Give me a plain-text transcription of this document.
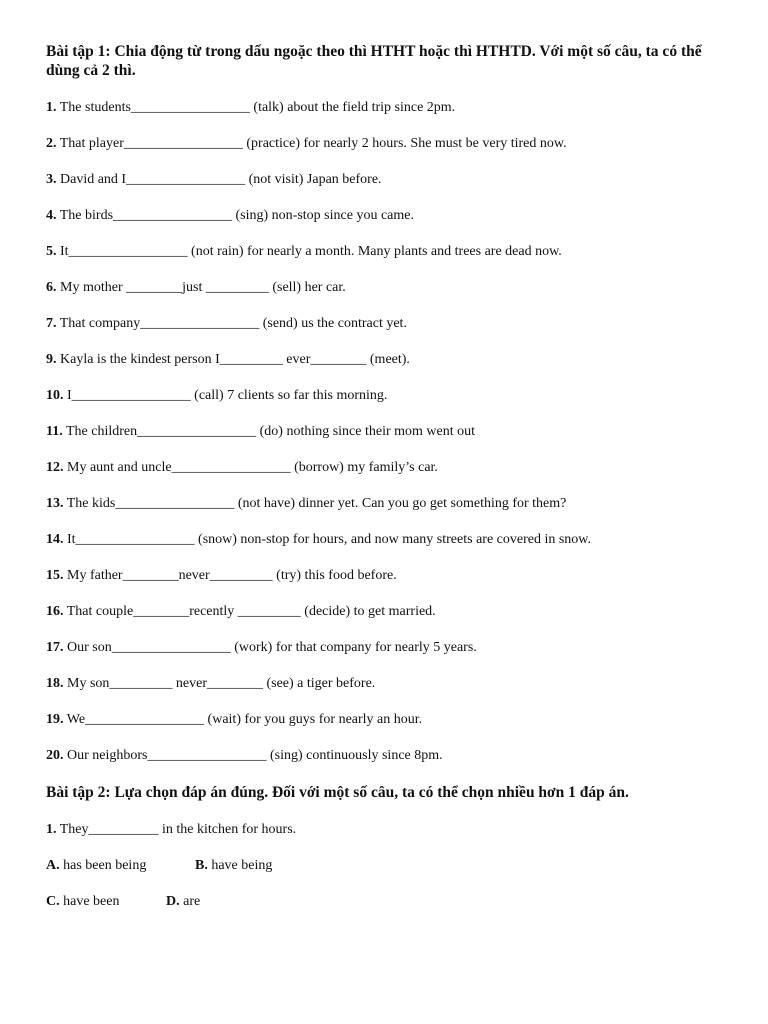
Bài tập 1: Chia động từ trong dấu ngoặc theo thì HTHT hoặc thì HTHTD. Với một số câu, ta có thể dùng cả 2 thì.
1. The students_________________ (talk) about the field trip since 2pm.
2. That player_________________ (practice) for nearly 2 hours. She must be very tired now.
3. David and I_________________ (not visit) Japan before.
4. The birds_________________ (sing) non-stop since you came.
5. It_________________ (not rain) for nearly a month. Many plants and trees are dead now.
6. My mother ________just _________ (sell) her car.
7. That company_________________ (send) us the contract yet.
9. Kayla is the kindest person I_________ ever________ (meet).
10. I_________________ (call) 7 clients so far this morning.
11. The children_________________ (do) nothing since their mom went out
12. My aunt and uncle_________________ (borrow) my family’s car.
13. The kids_________________ (not have) dinner yet. Can you go get something for them?
14. It_________________ (snow) non-stop for hours, and now many streets are covered in snow.
15. My father________never_________ (try) this food before.
16. That couple________recently _________ (decide) to get married.
17. Our son_________________ (work) for that company for nearly 5 years.
18. My son_________ never________ (see) a tiger before.
19. We_________________ (wait) for you guys for nearly an hour.
20. Our neighbors_________________ (sing) continuously since 8pm.
Bài tập 2: Lựa chọn đáp án đúng. Đối với một số câu, ta có thể chọn nhiều hơn 1 đáp án.
1. They__________ in the kitchen for hours.
A. has been being	B. have being
C. have been	D. are
